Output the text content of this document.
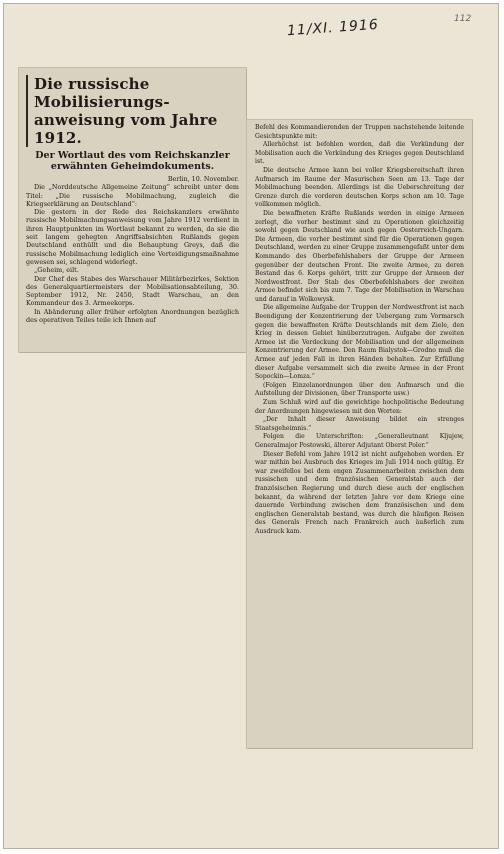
11/XI. 1916	112
Die russische Mobilisierungs-anweisung vom Jahre 1912.
Der Wortlaut des vom Reichskanzler erwähnten Geheimdokuments.

Berlin, 10. November.

Die „Norddeutsche Allgemeine Zeitung“ schreibt unter dem Titel: „Die russische Mobilmachung, zugleich die Kriegserklärung an Deutschland“:

Die gestern in der Rede des Reichskanzlers erwähnte russische Mobilmachungsanweisung vom Jahre 1912 verdient in ihren Hauptpunkten im Wortlaut bekannt zu werden, da sie die seit langem gehegten Angriffsabsichten Rußlands gegen Deutschland enthüllt und die Behauptung Greys, daß die russische Mobilmachung lediglich eine Verteidigungsmaßnahme gewesen sei, schlagend widerlegt.

„Geheim, eilt.

Der Chef des Stabes des Warschauer Militärbezirkes, Sektion des Generalquartiermeisters der Mobilisationsabteilung, 30. September 1912, Nr. 2450, Stadt Warschau, an den Kommandeur des 3. Armeekorps.

In Abänderung aller früher erfolgten Anordnungen bezüglich des operativen Teiles teile ich Ihnen auf

Befehl des Kommandierenden der Truppen nachstehende leitende Gesichtspunkte mit:

Allerhöchst ist befohlen worden, daß die Verkündung der Mobilisation auch die Verkündung des Krieges gegen Deutschland ist.

Die deutsche Armee kann bei voller Kriegsbereitschaft ihren Aufmarsch im Raume der Masurischen Seen am 13. Tage der Mobilmachung beenden. Allerdings ist die Ueberschreitung der Grenze durch die vorderen deutschen Korps schon am 10. Tage vollkommen möglich.

Die bewaffneten Kräfte Rußlands werden in einige Armeen zerlegt, die vorher bestimmt sind zu Operationen gleichzeitig sowohl gegen Deutschland wie auch gegen Oesterreich-Ungarn. Die Armeen, die vorher bestimmt sind für die Operationen gegen Deutschland, werden zu einer Gruppe zusammengefaßt unter dem Kommando des Oberbefehlshabers der Gruppe der Armeen gegenüber der deutschen Front. Die zweite Armee, zu deren Bestand das 6. Korps gehört, tritt zur Gruppe der Armeen der Nordwestfront. Der Stab des Oberbefehlshabers der zweiten Armee befindet sich bis zum 7. Tage der Mobilisation in Warschau und darauf in Wolkowysk.

Die allgemeine Aufgabe der Truppen der Nordwestfront ist nach Beendigung der Konzentrierung der Uebergang zum Vormarsch gegen die bewaffneten Kräfte Deutschlands mit dem Ziele, den Krieg in dessen Gebiet hinüberzutragen. Aufgabe der zweiten Armee ist die Verdeckung der Mobilisation und der allgemeinen Konzentrierung der Armee. Den Raum Bialystok—Grodno muß die Armee auf jeden Fall in ihren Händen behalten. Zur Erfüllung dieser Aufgabe versammelt sich die zweite Armee in der Front Sopockin—Lomza.“

(Folgen Einzelanordnungen über den Aufmarsch und die Aufstellung der Divisionen, über Transporte usw.)

Zum Schluß wird auf die gewichtige hochpolitische Bedeutung der Anordnungen hingewiesen mit den Worten:

„Der Inhalt dieser Anweisung bildet ein strenges Staatsgeheimnis.“

Folgen die Unterschriften: „Generalleutnant Kljujew, Generalmajor Postowski, älterer Adjutant Oberst Poler.“

Dieser Befehl vom Jahre 1912 ist nicht aufgehoben worden. Er war mithin bei Ausbruch des Krieges im Juli 1914 noch gültig. Er war zweifellos bei dem engen Zusammenarbeiten zwischen dem russischen und dem französischen Generalstab auch der französischen Regierung und durch diese auch der englischen bekannt, da während der letzten Jahre vor dem Kriege eine dauernde Verbindung zwischen dem französischen und dem englischen Generalstab bestand, was durch die häufigen Reisen des Generals French nach Frankreich auch äußerlich zum Ausdruck kam.
